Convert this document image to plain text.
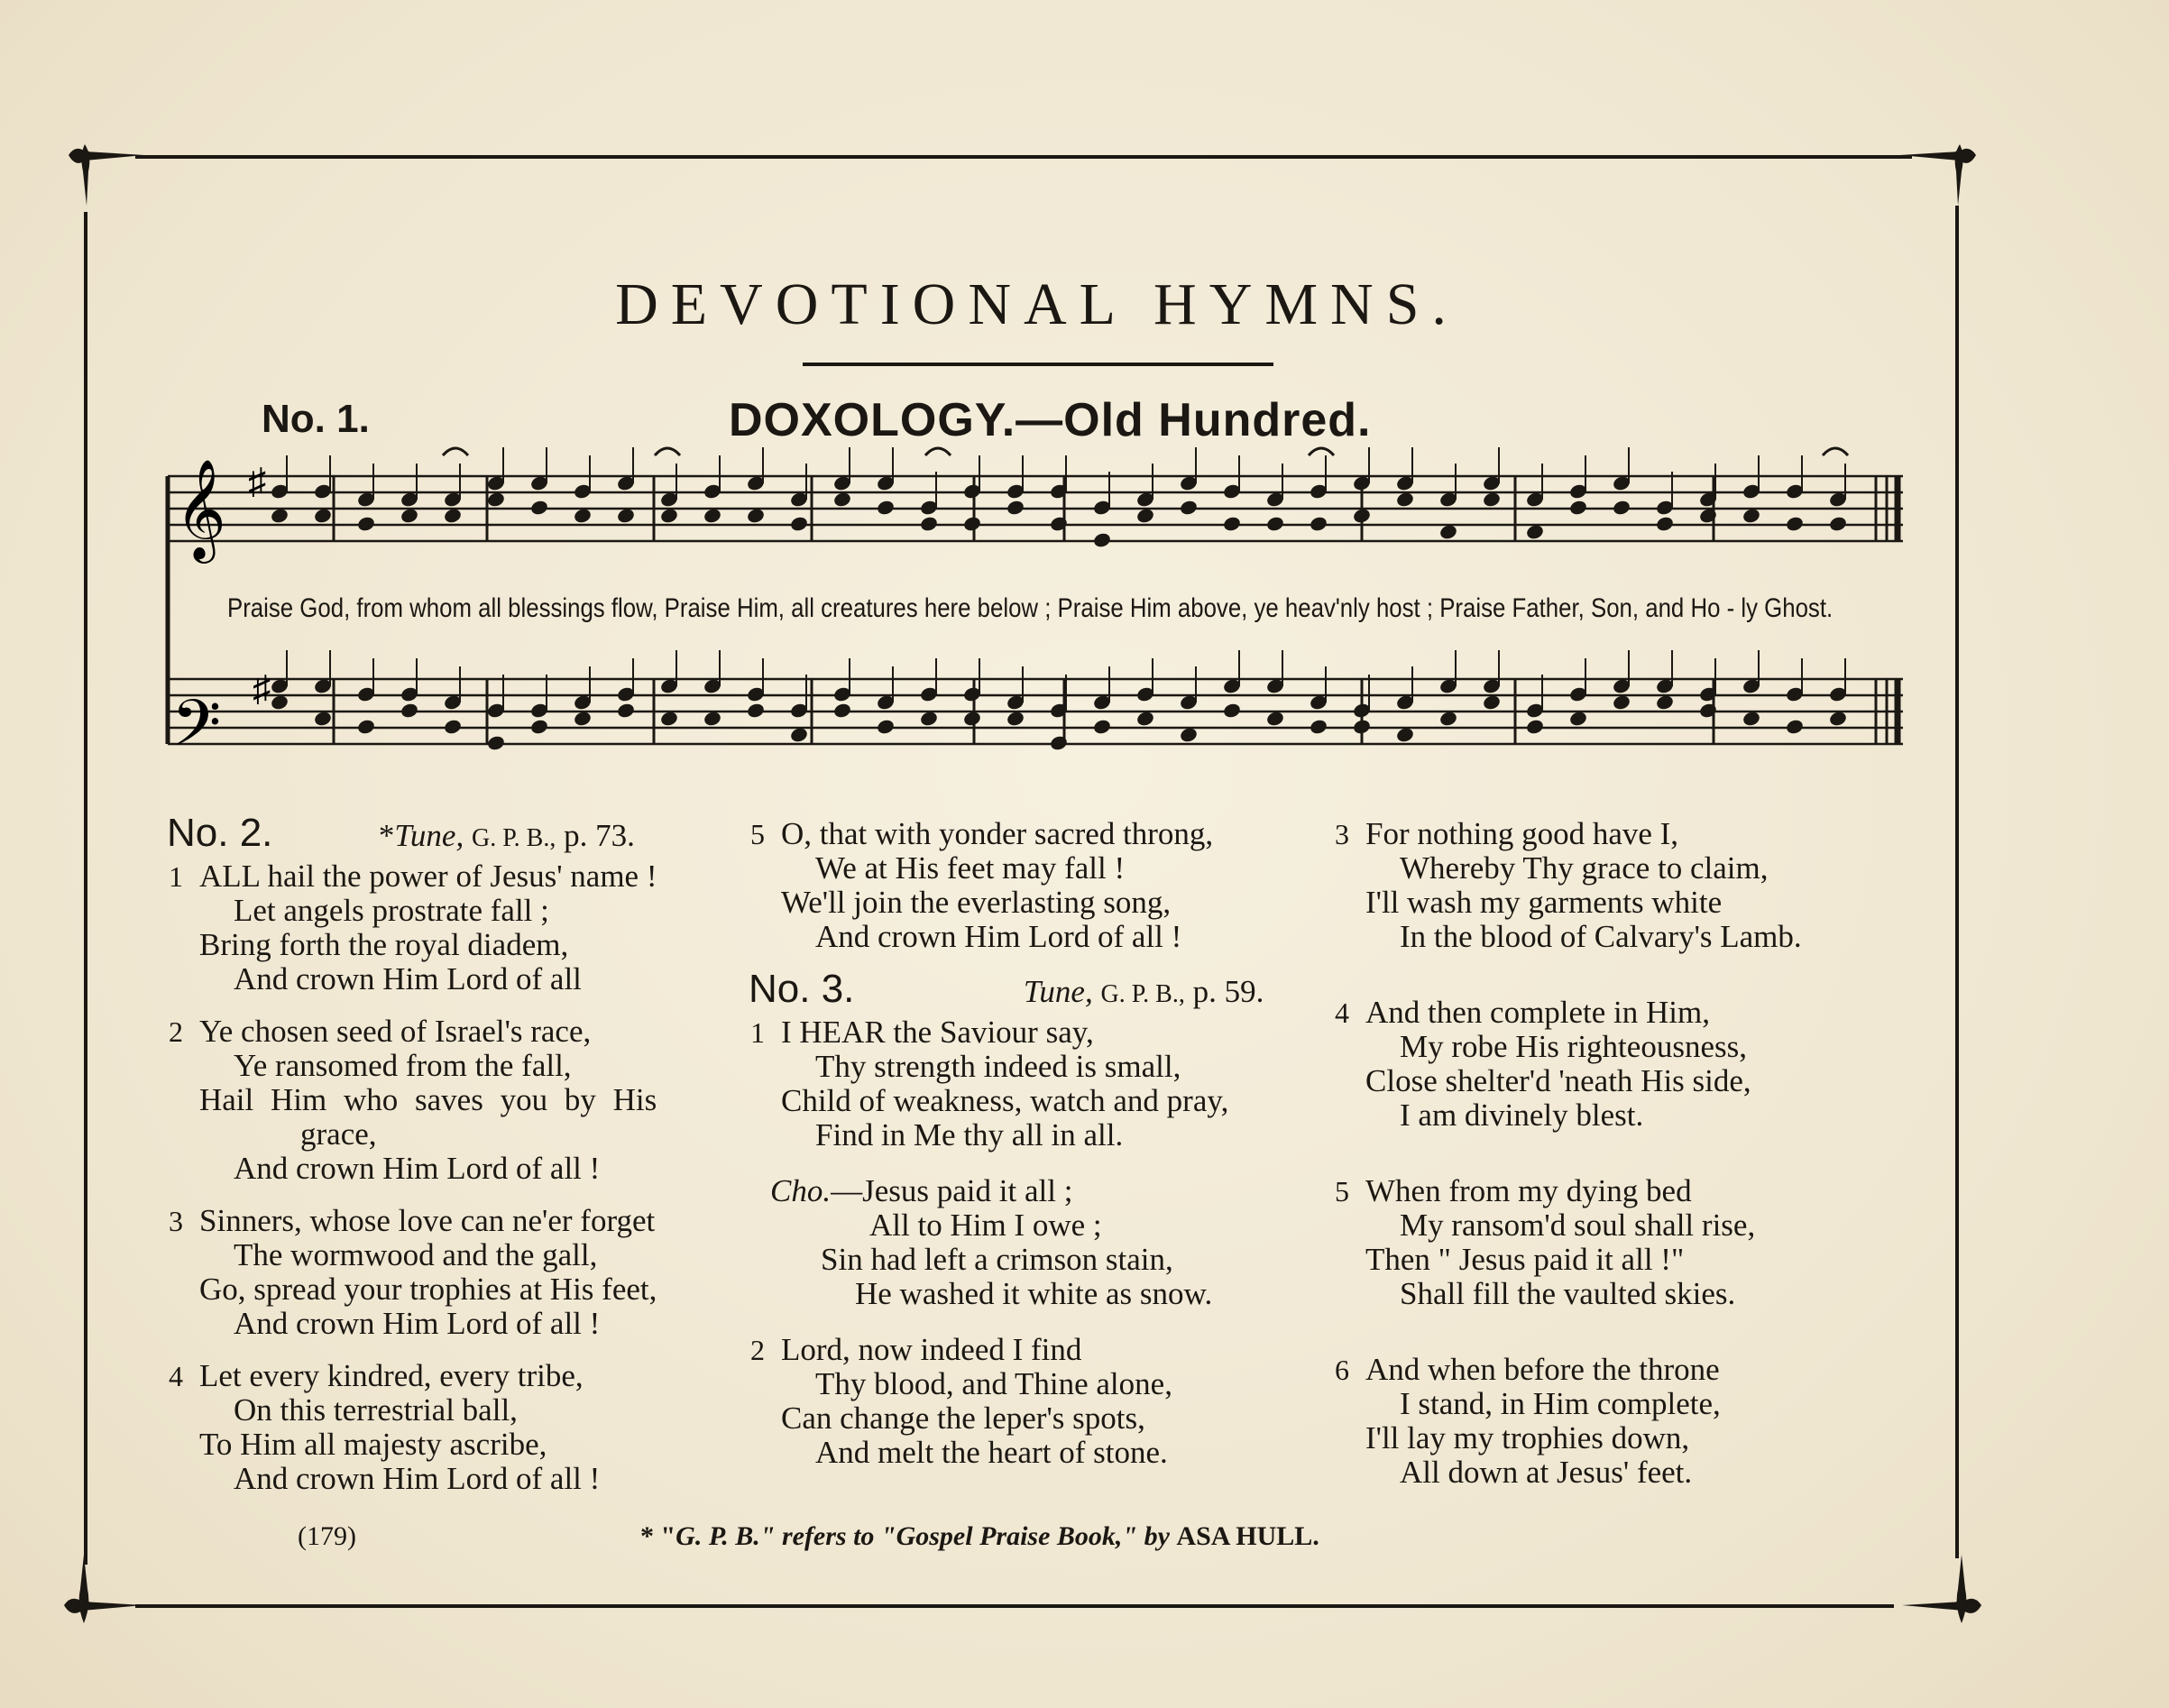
DEVOTIONAL HYMNS.
No. 1.	DOXOLOGY.—Old Hundred.
♯
♯
𝄞
𝄢
Praise God, from whom all blessings flow, Praise Him, all creatures here below ; Praise Him above, ye heav'nly host ; Praise Father, Son, and Ho - ly Ghost.
No. 2.	*Tune, G. P. B., p. 73.
1 ALL hail the power of Jesus' name !
Let angels prostrate fall ;
Bring forth the royal diadem,
And crown Him Lord of all
2 Ye chosen seed of Israel's race,
Ye ransomed from the fall,
Hail Him who saves you by His
grace,
And crown Him Lord of all !
3 Sinners, whose love can ne'er forget
The wormwood and the gall,
Go, spread your trophies at His feet,
And crown Him Lord of all !
4 Let every kindred, every tribe,
On this terrestrial ball,
To Him all majesty ascribe,
And crown Him Lord of all !
5 O, that with yonder sacred throng,
We at His feet may fall !
We'll join the everlasting song,
And crown Him Lord of all !
No. 3.	Tune, G. P. B., p. 59.
1 I HEAR the Saviour say,
Thy strength indeed is small,
Child of weakness, watch and pray,
Find in Me thy all in all.
Cho.—Jesus paid it all ;
All to Him I owe ;
Sin had left a crimson stain,
He washed it white as snow.
2 Lord, now indeed I find
Thy blood, and Thine alone,
Can change the leper's spots,
And melt the heart of stone.
3 For nothing good have I,
Whereby Thy grace to claim,
I'll wash my garments white
In the blood of Calvary's Lamb.
4 And then complete in Him,
My robe His righteousness,
Close shelter'd 'neath His side,
I am divinely blest.
5 When from my dying bed
My ransom'd soul shall rise,
Then " Jesus paid it all !"
Shall fill the vaulted skies.
6 And when before the throne
I stand, in Him complete,
I'll lay my trophies down,
All down at Jesus' feet.
(179)	* "G. P. B." refers to "Gospel Praise Book," by ASA HULL.
